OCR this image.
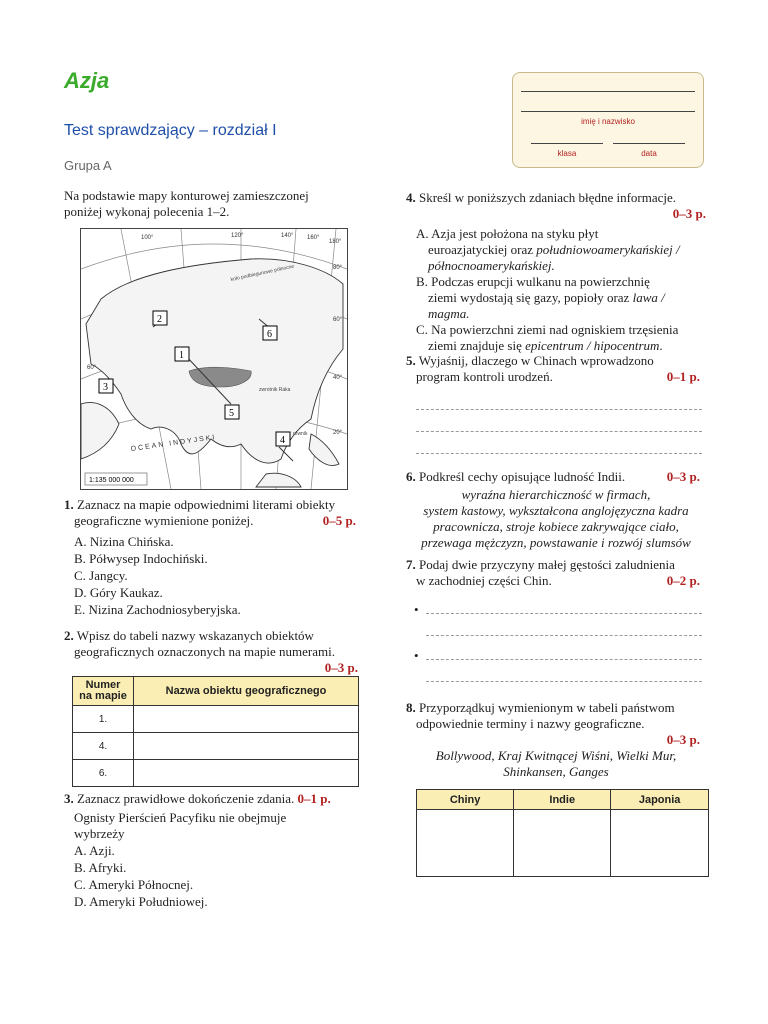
Azja
Test sprawdzający – rozdział I
Grupa A
imię i nazwisko
klasa	data
Na podstawie mapy konturowej zamieszczonej
poniżej wykonaj polecenia 1–2.
OCEAN INDYJSKI
koło podbiegunowe północne
zwrotnik Raka
równik
100°	120°	140° 160°
180°
80°
60°
40°
20°
60°
1
2
3
4
5
6
1:135 000 000
1. Zaznacz na mapie odpowiednimi literami obiekty
geograficzne wymienione poniżej.	0–5 p.
A. Nizina Chińska.
B. Półwysep Indochiński.
C. Jangcy.
D. Góry Kaukaz.
E. Nizina Zachodniosyberyjska.
2. Wpisz do tabeli nazwy wskazanych obiektów
geograficznych oznaczonych na mapie numerami.
0–3 p.
Numer
na mapie	Nazwa obiektu geograficznego
1.	
4.	
6.	
3. Zaznacz prawidłowe dokończenie zdania. 0–1 p.
Ognisty Pierścień Pacyfiku nie obejmuje
wybrzeży
A. Azji.
B. Afryki.
C. Ameryki Północnej.
D. Ameryki Południowej.
4. Skreśl w poniższych zdaniach błędne informacje.
0–3 p.
A. Azja jest położona na styku płyt
euroazjatyckiej oraz południowoamerykańskiej /
północnoamerykańskiej.
B. Podczas erupcji wulkanu na powierzchnię
ziemi wydostają się gazy, popioły oraz lawa /
magma.
C. Na powierzchni ziemi nad ogniskiem trzęsienia
ziemi znajduje się epicentrum / hipocentrum.
5. Wyjaśnij, dlaczego w Chinach wprowadzono
program kontroli urodzeń.	0–1 p.
6. Podkreśl cechy opisujące ludność Indii.	0–3 p.
wyraźna hierarchiczność w firmach,
system kastowy, wykształcona anglojęzyczna kadra
pracownicza, stroje kobiece zakrywające ciało,
przewaga mężczyzn, powstawanie i rozwój slumsów
7. Podaj dwie przyczyny małej gęstości zaludnienia
w zachodniej części Chin.	0–2 p.
•
•
8. Przyporządkuj wymienionym w tabeli państwom
odpowiednie terminy i nazwy geograficzne.
0–3 p.
Bollywood, Kraj Kwitnącej Wiśni, Wielki Mur,
Shinkansen, Ganges
Chiny	Indie	Japonia
